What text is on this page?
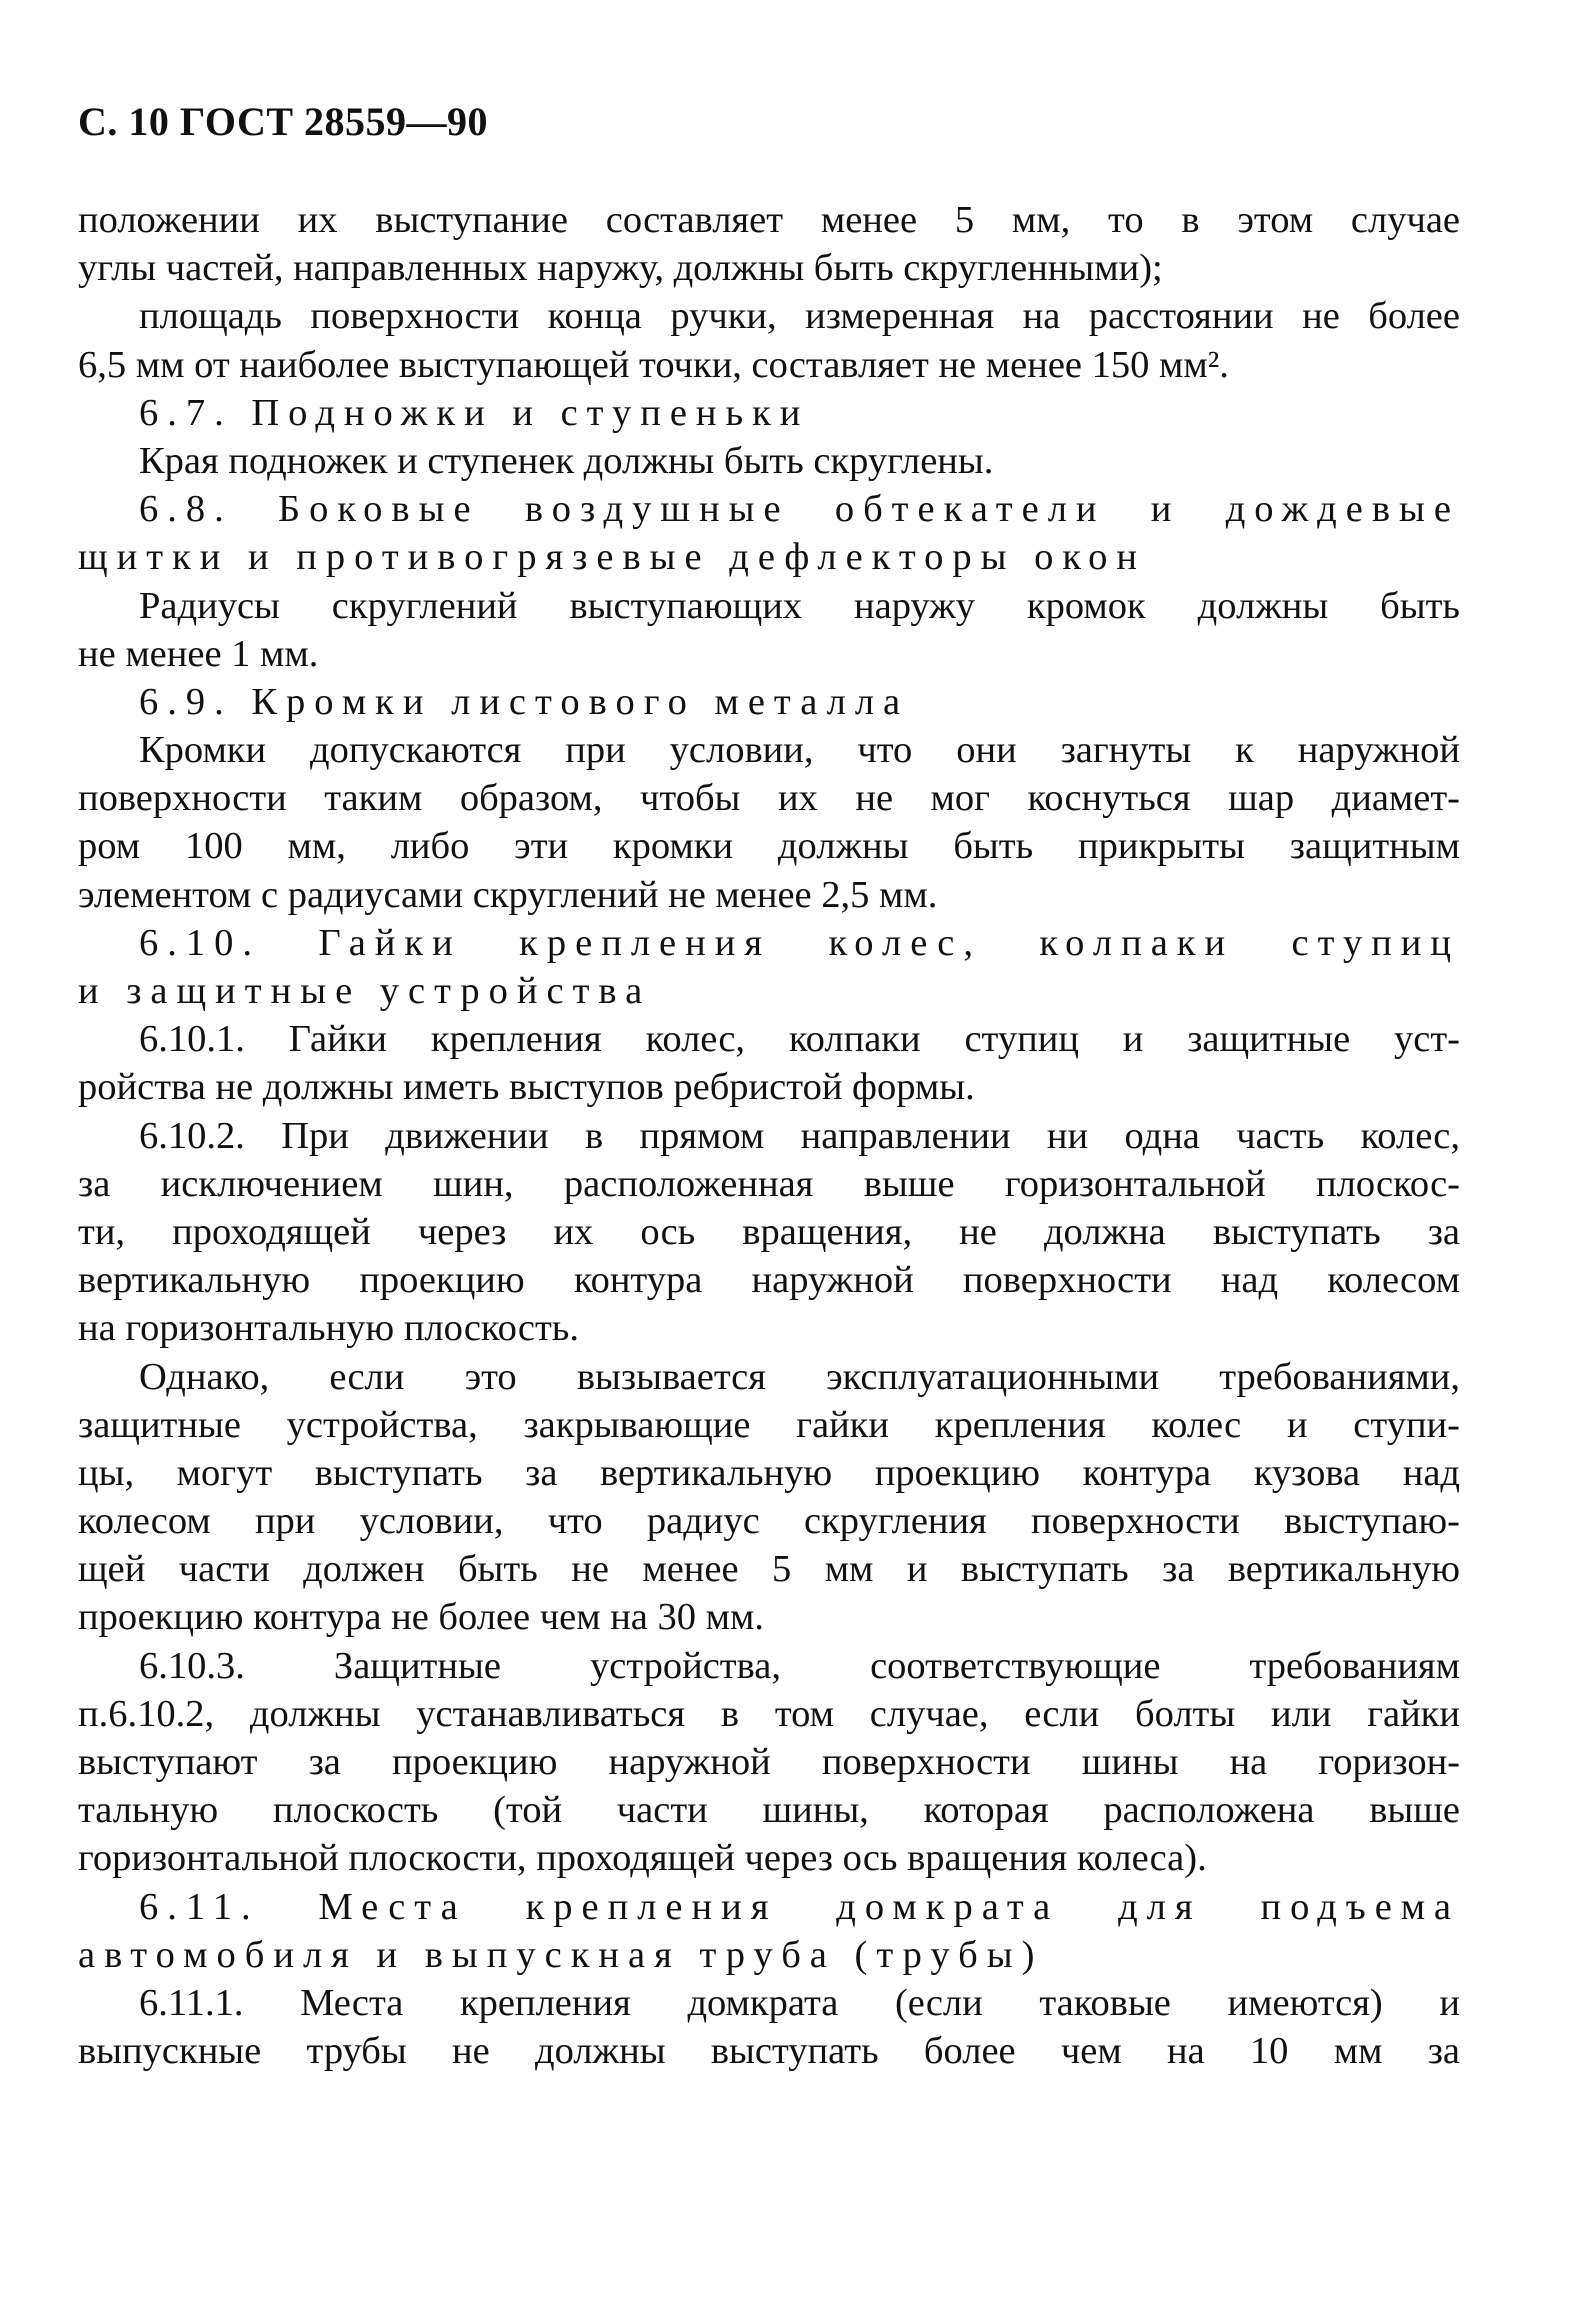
С. 10 ГОСТ 28559—90
положении их выступание составляет менее 5 мм, то в этом случае
углы частей, направленных наружу, должны быть скругленными);
площадь поверхности конца ручки, измеренная на расстоянии не более
6,5 мм от наиболее выступающей точки, составляет не менее 150 мм².
6.7. Подножки и ступеньки
Края подножек и ступенек должны быть скруглены.
6.8. Боковые воздушные обтекатели и дождевые
щитки и противогрязевые дефлекторы окон
Радиусы скруглений выступающих наружу кромок должны быть
не менее 1 мм.
6.9. Кромки листового металла
Кромки допускаются при условии, что они загнуты к наружной
поверхности таким образом, чтобы их не мог коснуться шар диамет-
ром 100 мм, либо эти кромки должны быть прикрыты защитным
элементом с радиусами скруглений не менее 2,5 мм.
6.10. Гайки крепления колес, колпаки ступиц
и защитные устройства
6.10.1. Гайки крепления колес, колпаки ступиц и защитные уст-
ройства не должны иметь выступов ребристой формы.
6.10.2. При движении в прямом направлении ни одна часть колес,
за исключением шин, расположенная выше горизонтальной плоскос-
ти, проходящей через их ось вращения, не должна выступать за
вертикальную проекцию контура наружной поверхности над колесом
на горизонтальную плоскость.
Однако, если это вызывается эксплуатационными требованиями,
защитные устройства, закрывающие гайки крепления колес и ступи-
цы, могут выступать за вертикальную проекцию контура кузова над
колесом при условии, что радиус скругления поверхности выступаю-
щей части должен быть не менее 5 мм и выступать за вертикальную
проекцию контура не более чем на 30 мм.
6.10.3. Защитные устройства, соответствующие требованиям
п.6.10.2, должны устанавливаться в том случае, если болты или гайки
выступают за проекцию наружной поверхности шины на горизон-
тальную плоскость (той части шины, которая расположена выше
горизонтальной плоскости, проходящей через ось вращения колеса).
6.11. Места крепления домкрата для подъема
автомобиля и выпускная труба (трубы)
6.11.1. Места крепления домкрата (если таковые имеются) и
выпускные трубы не должны выступать более чем на 10 мм за
